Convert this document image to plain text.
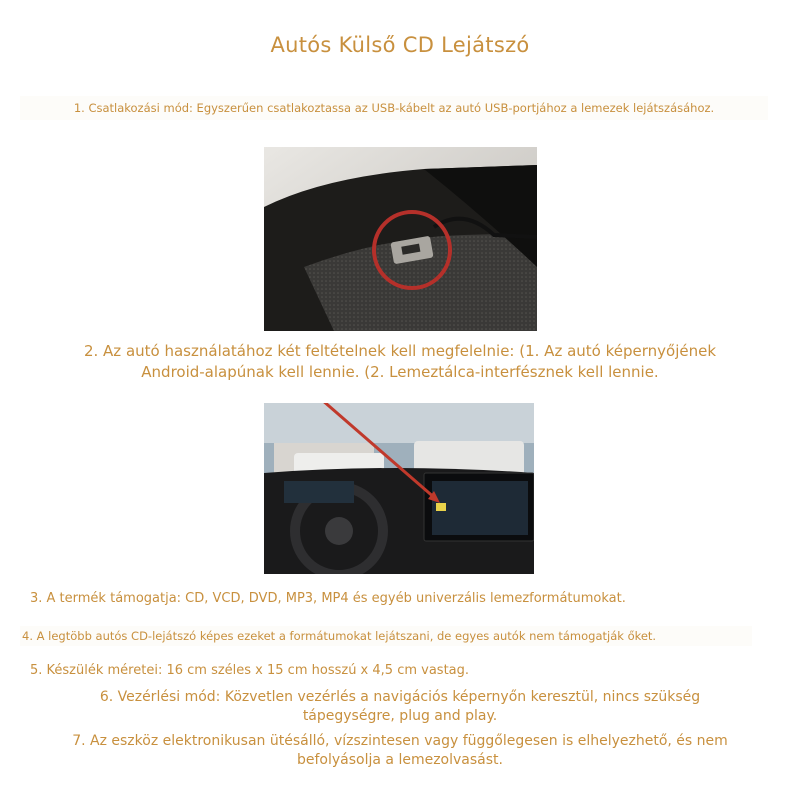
Autós Külső CD Lejátszó
1. Csatlakozási mód: Egyszerűen csatlakoztassa az USB-kábelt az autó USB-portjához a lemezek lejátszásához.
2. Az autó használatához két feltételnek kell megfelelnie: (1. Az autó képernyőjének
Android-alapúnak kell lennie. (2. Lemeztálca-interfésznek kell lennie.
3. A termék támogatja: CD, VCD, DVD, MP3, MP4 és egyéb univerzális lemezformátumokat.
4. A legtöbb autós CD-lejátszó képes ezeket a formátumokat lejátszani, de egyes autók nem támogatják őket.
5. Készülék méretei: 16 cm széles x 15 cm hosszú x 4,5 cm vastag.
6. Vezérlési mód: Közvetlen vezérlés a navigációs képernyőn keresztül, nincs szükség
tápegységre, plug and play.
7. Az eszköz elektronikusan ütésálló, vízszintesen vagy függőlegesen is elhelyezhető, és nem
befolyásolja a lemezolvasást.
